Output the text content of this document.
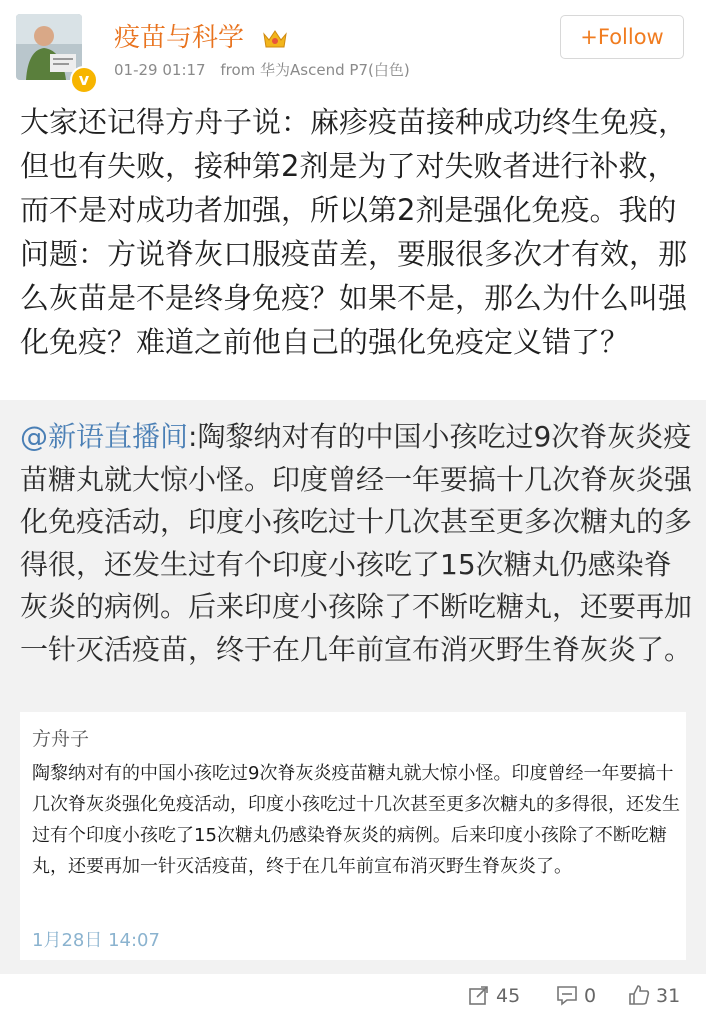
v
疫苗与科学
01-29 01:17 from 华为Ascend P7(白色)
+Follow
大家还记得方舟子说：麻疹疫苗接种成功终生免疫，但也有失败，接种第2剂是为了对失败者进行补救，而不是对成功者加强，所以第2剂是强化免疫。我的问题：方说脊灰口服疫苗差，要服很多次才有效，那么灰苗是不是终身免疫？如果不是，那么为什么叫强化免疫？难道之前他自己的强化免疫定义错了？
@新语直播间:陶黎纳对有的中国小孩吃过9次脊灰炎疫苗糖丸就大惊小怪。印度曾经一年要搞十几次脊灰炎强化免疫活动，印度小孩吃过十几次甚至更多次糖丸的多得很，还发生过有个印度小孩吃了15次糖丸仍感染脊灰炎的病例。后来印度小孩除了不断吃糖丸，还要再加一针灭活疫苗，终于在几年前宣布消灭野生脊灰炎了。
方舟子
陶黎纳对有的中国小孩吃过9次脊灰炎疫苗糖丸就大惊小怪。印度曾经一年要搞十几次脊灰炎强化免疫活动，印度小孩吃过十几次甚至更多次糖丸的多得很，还发生过有个印度小孩吃了15次糖丸仍感染脊灰炎的病例。后来印度小孩除了不断吃糖丸，还要再加一针灭活疫苗，终于在几年前宣布消灭野生脊灰炎了。
1月28日 14:07
45	0	31
